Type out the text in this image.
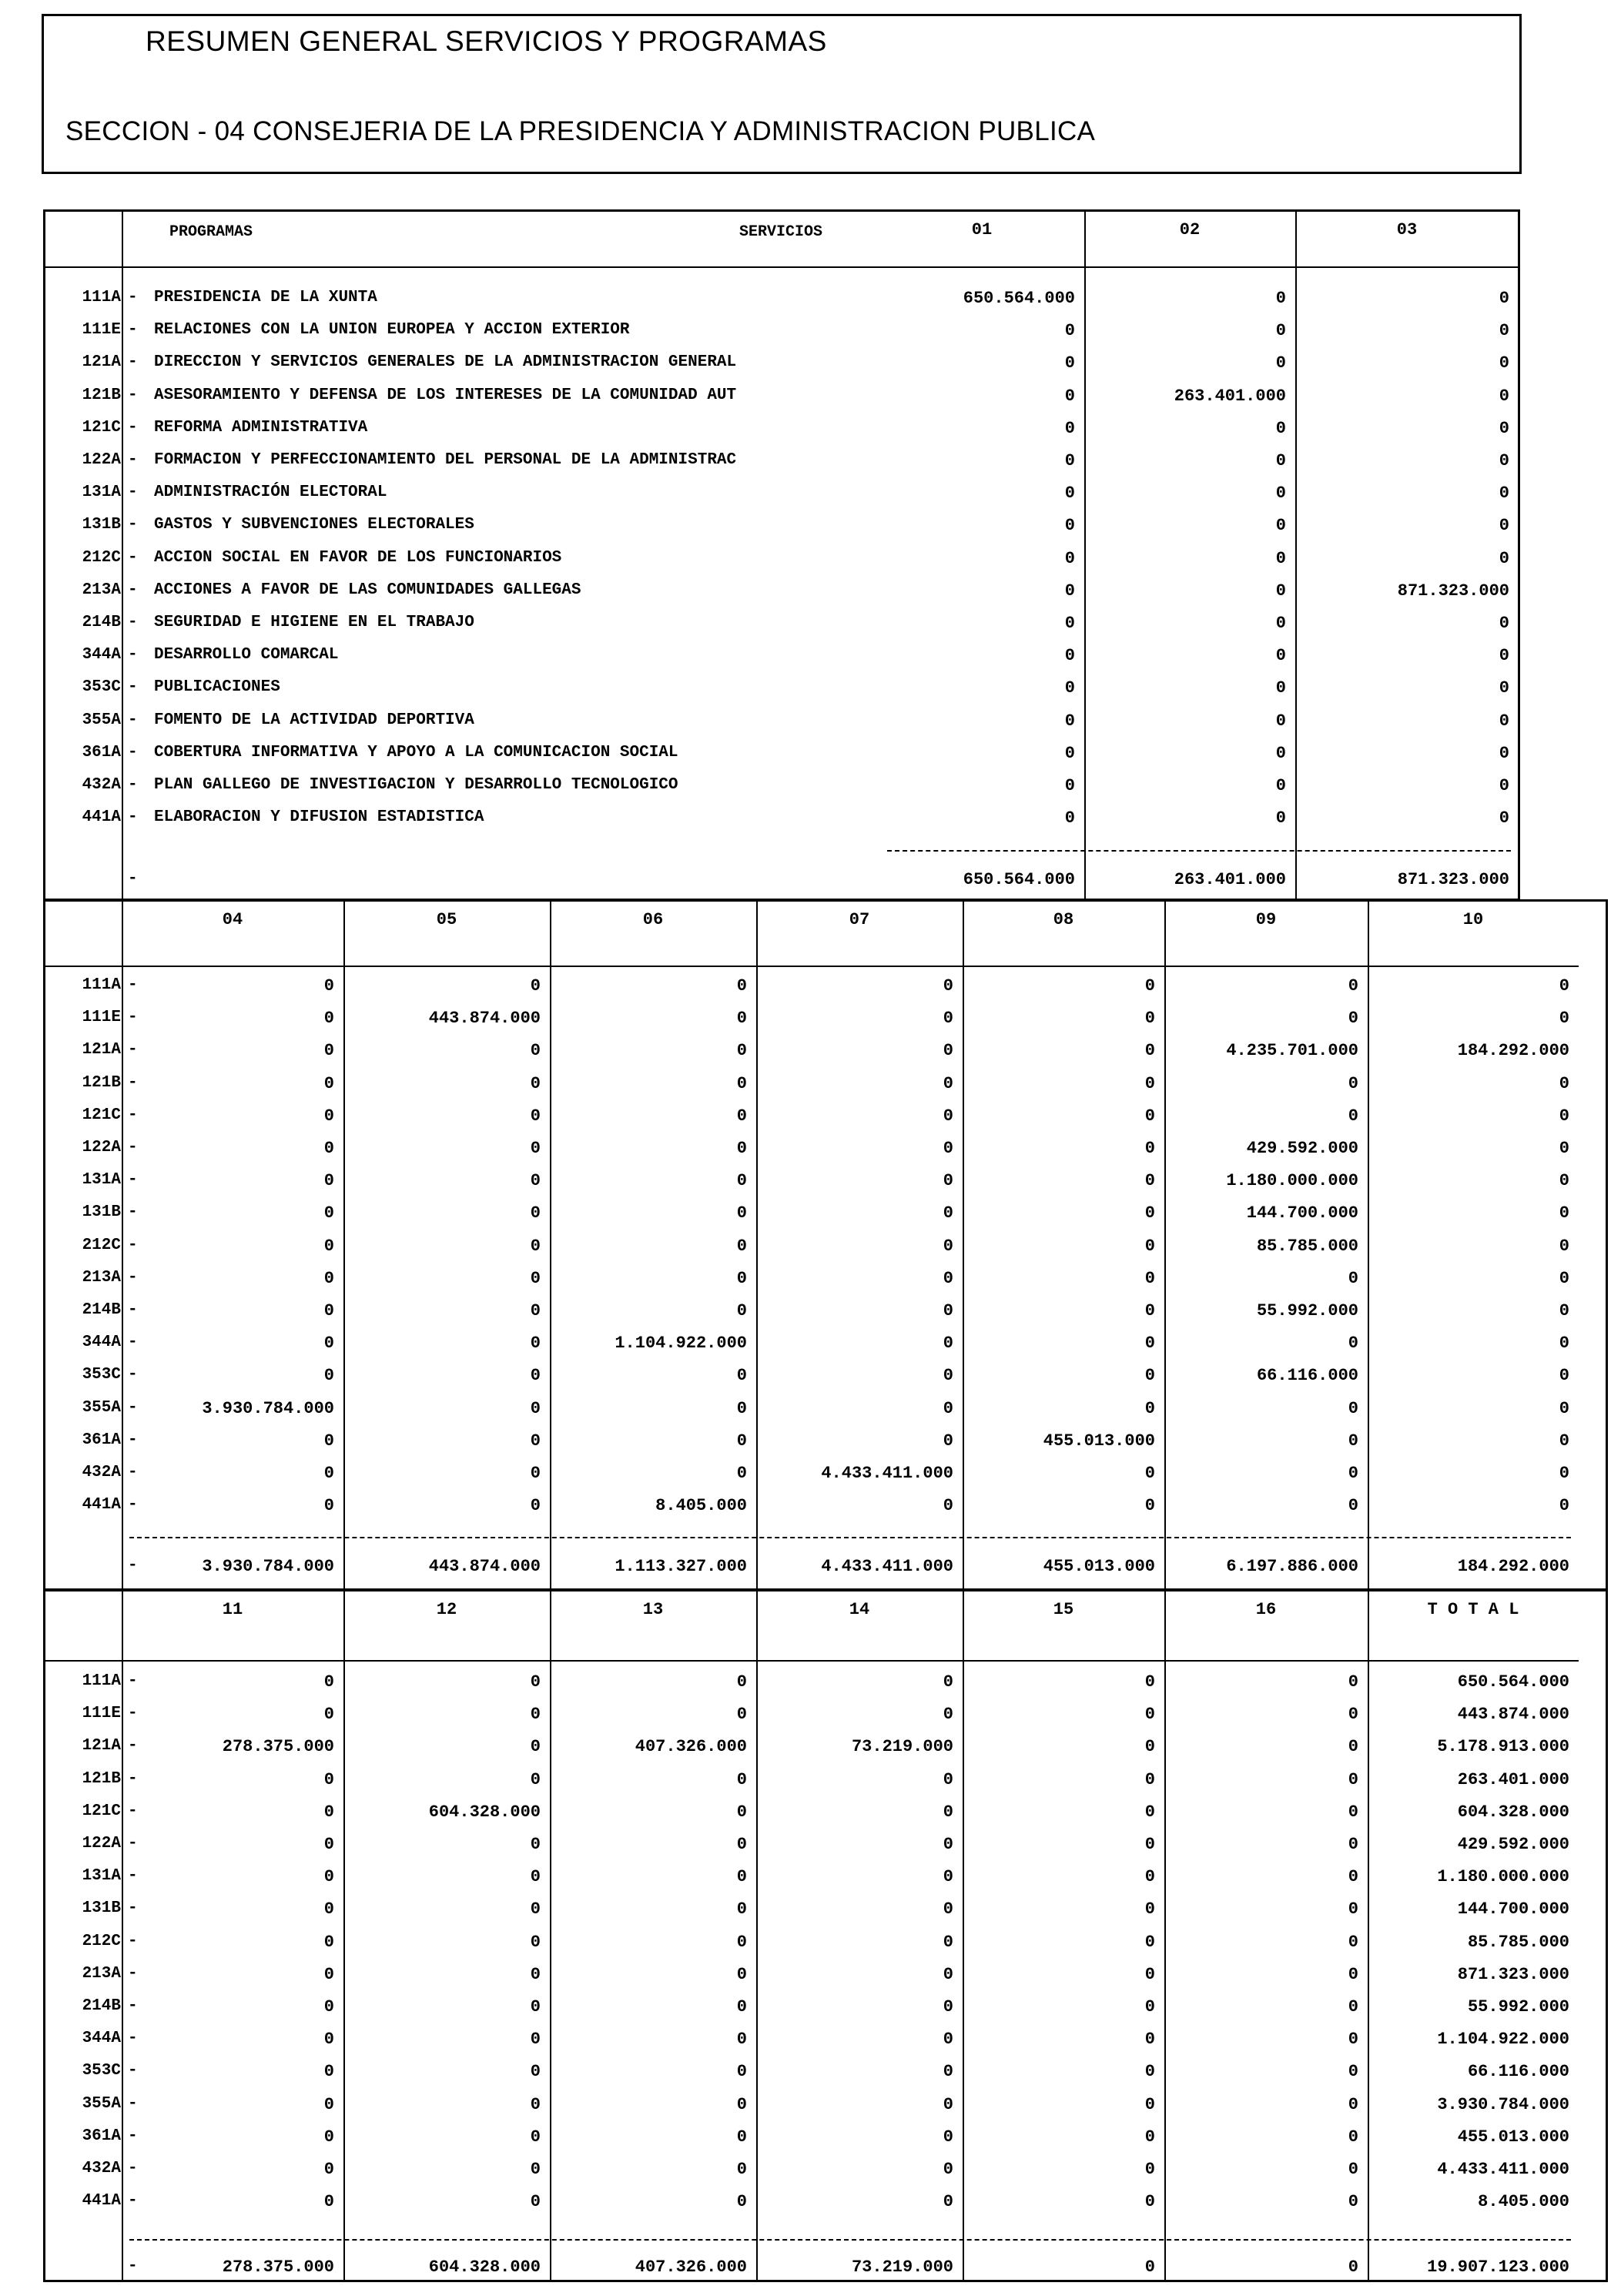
RESUMEN GENERAL SERVICIOS Y PROGRAMAS
SECCION - 04 CONSEJERIA DE LA PRESIDENCIA Y ADMINISTRACION PUBLICA
PROGRAMAS	SERVICIOS	01	02	03
111A - PRESIDENCIA DE LA XUNTA	650.564.000	0	0
111E - RELACIONES CON LA UNION EUROPEA Y ACCION EXTERIOR	0	0	0
121A - DIRECCION Y SERVICIOS GENERALES DE LA ADMINISTRACION GENERAL	0	0	0
121B - ASESORAMIENTO Y DEFENSA DE LOS INTERESES DE LA COMUNIDAD AUT	0	263.401.000	0
121C - REFORMA ADMINISTRATIVA	0	0	0
122A - FORMACION Y PERFECCIONAMIENTO DEL PERSONAL DE LA ADMINISTRAC	0	0	0
131A - ADMINISTRACIÓN ELECTORAL	0	0	0
131B - GASTOS Y SUBVENCIONES ELECTORALES	0	0	0
212C - ACCION SOCIAL EN FAVOR DE LOS FUNCIONARIOS	0	0	0
213A - ACCIONES A FAVOR DE LAS COMUNIDADES GALLEGAS	0	0	871.323.000
214B - SEGURIDAD E HIGIENE EN EL TRABAJO	0	0	0
344A - DESARROLLO COMARCAL	0	0	0
353C - PUBLICACIONES	0	0	0
355A - FOMENTO DE LA ACTIVIDAD DEPORTIVA	0	0	0
361A - COBERTURA INFORMATIVA Y APOYO A LA COMUNICACION SOCIAL	0	0	0
432A - PLAN GALLEGO DE INVESTIGACION Y DESARROLLO TECNOLOGICO	0	0	0
441A - ELABORACION Y DIFUSION ESTADISTICA	0	0	0
-	650.564.000	263.401.000	871.323.000
04	05	06	07	08	09	10
111A -	0	0	0	0	0	0	0
111E -	0	443.874.000	0	0	0	0	0
121A -	0	0	0	0	0	4.235.701.000	184.292.000
121B -	0	0	0	0	0	0	0
121C -	0	0	0	0	0	0	0
122A -	0	0	0	0	0	429.592.000	0
131A -	0	0	0	0	0	1.180.000.000	0
131B -	0	0	0	0	0	144.700.000	0
212C -	0	0	0	0	0	85.785.000	0
213A -	0	0	0	0	0	0	0
214B -	0	0	0	0	0	55.992.000	0
344A -	0	0	1.104.922.000	0	0	0	0
353C -	0	0	0	0	0	66.116.000	0
355A -	3.930.784.000	0	0	0	0	0	0
361A -	0	0	0	0	455.013.000	0	0
432A -	0	0	0	4.433.411.000	0	0	0
441A -	0	0	8.405.000	0	0	0	0
-	3.930.784.000	443.874.000	1.113.327.000	4.433.411.000	455.013.000	6.197.886.000	184.292.000
11	12	13	14	15	16	T O T A L
111A -	0	0	0	0	0	0	650.564.000
111E -	0	0	0	0	0	0	443.874.000
121A -	278.375.000	0	407.326.000	73.219.000	0	0	5.178.913.000
121B -	0	0	0	0	0	0	263.401.000
121C -	0	604.328.000	0	0	0	0	604.328.000
122A -	0	0	0	0	0	0	429.592.000
131A -	0	0	0	0	0	0	1.180.000.000
131B -	0	0	0	0	0	0	144.700.000
212C -	0	0	0	0	0	0	85.785.000
213A -	0	0	0	0	0	0	871.323.000
214B -	0	0	0	0	0	0	55.992.000
344A -	0	0	0	0	0	0	1.104.922.000
353C -	0	0	0	0	0	0	66.116.000
355A -	0	0	0	0	0	0	3.930.784.000
361A -	0	0	0	0	0	0	455.013.000
432A -	0	0	0	0	0	0	4.433.411.000
441A -	0	0	0	0	0	0	8.405.000
-	278.375.000	604.328.000	407.326.000	73.219.000	0	0	19.907.123.000
